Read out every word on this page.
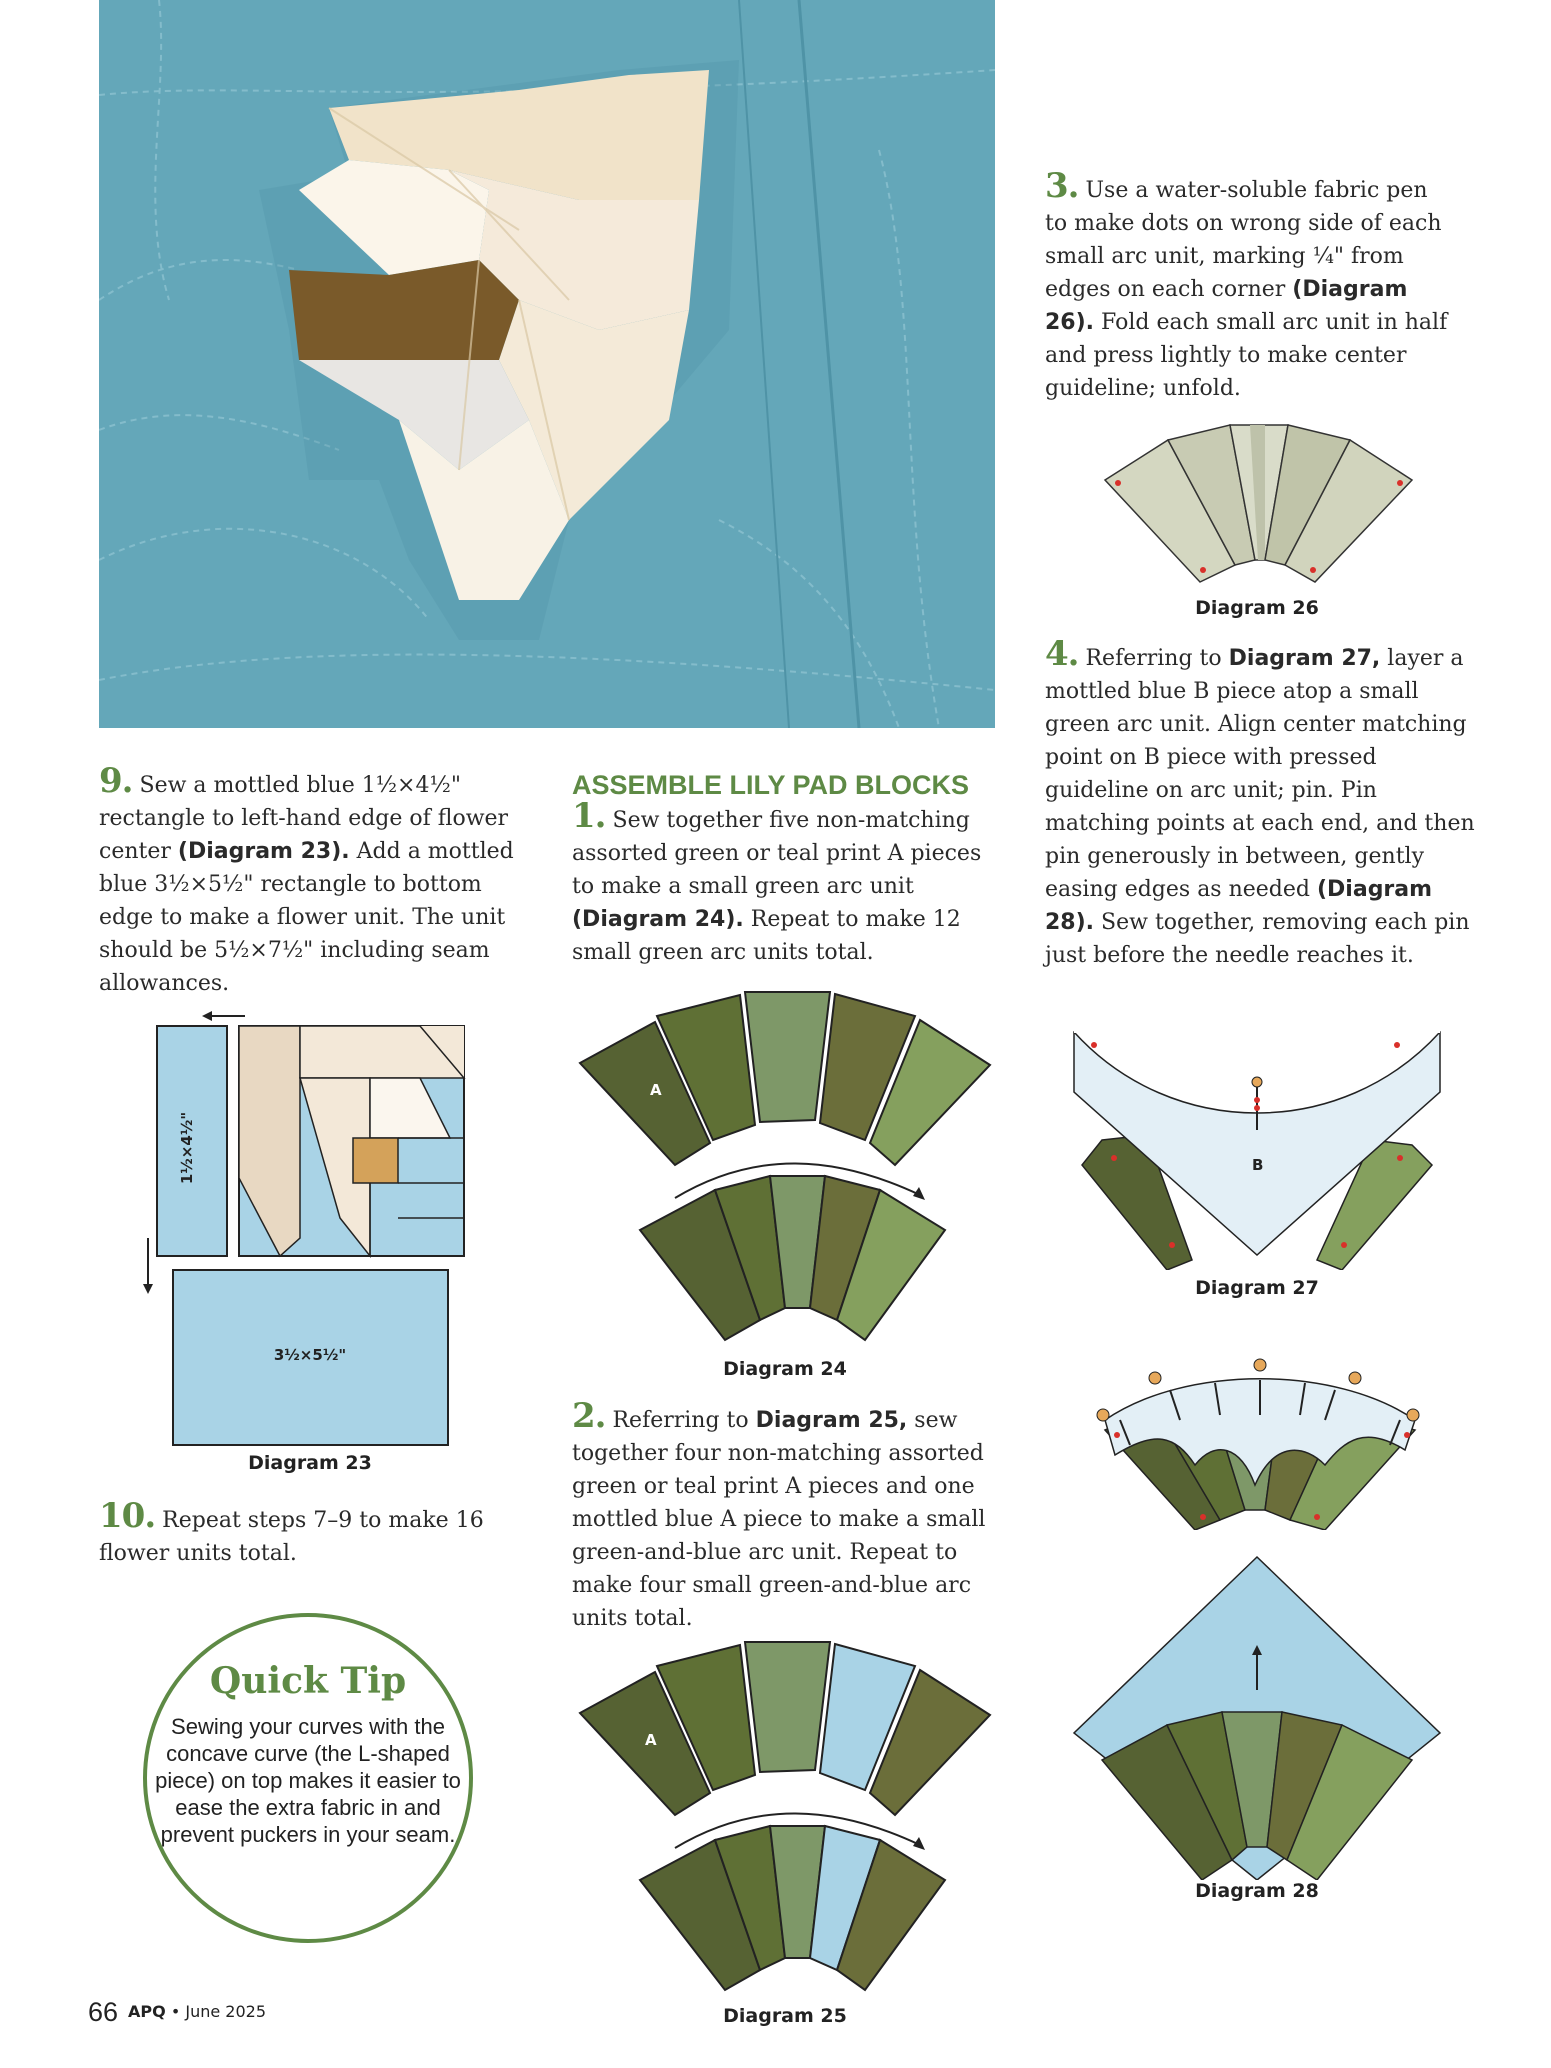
9. Sew a mottled blue 1½×4½" rectangle to left-hand edge of flower center (Diagram 23). Add a mottled blue 3½×5½" rectangle to bottom edge to make a flower unit. The unit should be 5½×7½" including seam allowances.
1½×4½"
3½×5½"
Diagram 23
10. Repeat steps 7–9 to make 16 flower units total.
Quick Tip
Sewing your curves with the concave curve (the L-shaped piece) on top makes it easier to ease the extra fabric in and prevent puckers in your seam.
ASSEMBLE LILY PAD BLOCKS
1. Sew together five non-matching assorted green or teal print A pieces to make a small green arc unit (Diagram 24). Repeat to make 12 small green arc units total.
A
Diagram 24
2. Referring to Diagram 25, sew together four non-matching assorted green or teal print A pieces and one mottled blue A piece to make a small green-and-blue arc unit. Repeat to make four small green-and-blue arc units total.
A
Diagram 25
3. Use a water-soluble fabric pen to make dots on wrong side of each small arc unit, marking ¼" from edges on each corner (Diagram 26). Fold each small arc unit in half and press lightly to make center guideline; unfold.
Diagram 26
4. Referring to Diagram 27, layer a mottled blue B piece atop a small green arc unit. Align center matching point on B piece with pressed guideline on arc unit; pin. Pin matching points at each end, and then pin generously in between, gently easing edges as needed (Diagram 28). Sew together, removing each pin just before the needle reaches it.
B
Diagram 27
Diagram 28
66 APQ • June 2025
